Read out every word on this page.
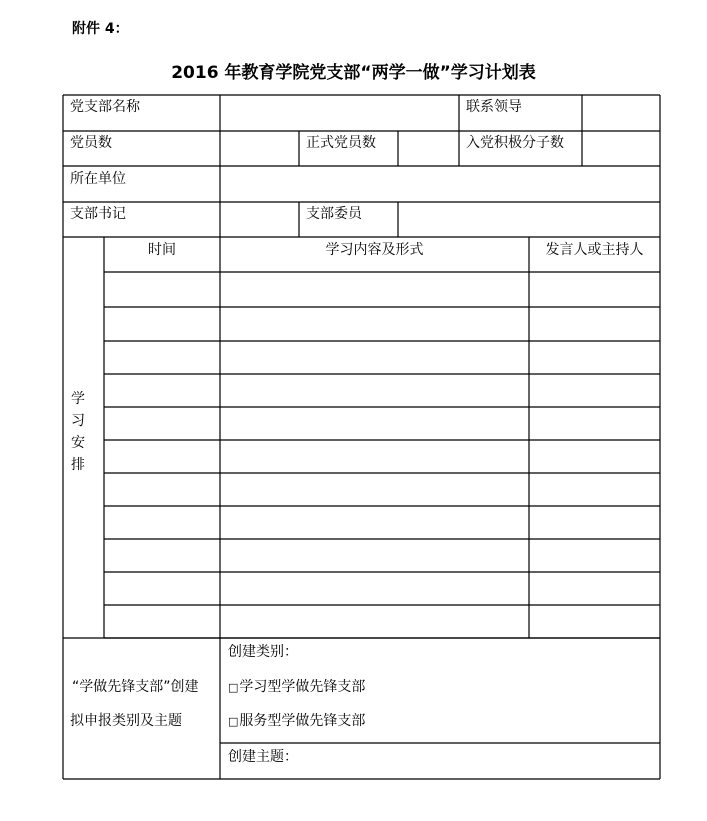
附件 4：
2016 年教育学院党支部“两学一做”学习计划表
党支部名称	联系领导
党员数	正式党员数	入党积极分子数
所在单位
支部书记	支部委员
时间	学习内容及形式	发言人或主持人
学
习
安
排
“学做先锋支部”创建
拟申报类别及主题
创建类别：
□学习型学做先锋支部
□服务型学做先锋支部
创建主题：
